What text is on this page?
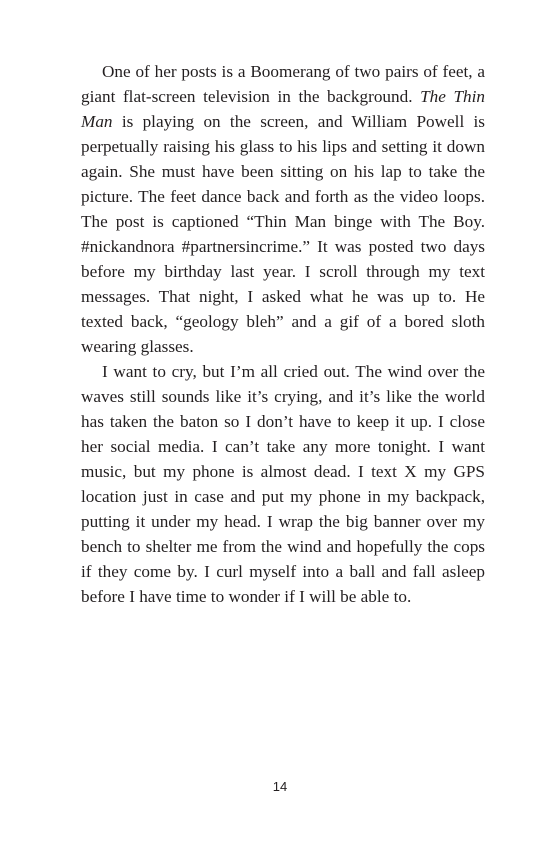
One of her posts is a Boomerang of two pairs of feet, a giant flat-screen television in the background. The Thin Man is playing on the screen, and William Powell is perpetually raising his glass to his lips and setting it down again. She must have been sitting on his lap to take the picture. The feet dance back and forth as the video loops. The post is captioned “Thin Man binge with The Boy. #nickandnora #partnersincrime.” It was posted two days before my birthday last year. I scroll through my text messages. That night, I asked what he was up to. He texted back, “geology bleh” and a gif of a bored sloth wearing glasses.

I want to cry, but I’m all cried out. The wind over the waves still sounds like it’s crying, and it’s like the world has taken the baton so I don’t have to keep it up. I close her social media. I can’t take any more tonight. I want music, but my phone is almost dead. I text X my GPS location just in case and put my phone in my backpack, putting it under my head. I wrap the big banner over my bench to shelter me from the wind and hopefully the cops if they come by. I curl myself into a ball and fall asleep before I have time to wonder if I will be able to.

14
